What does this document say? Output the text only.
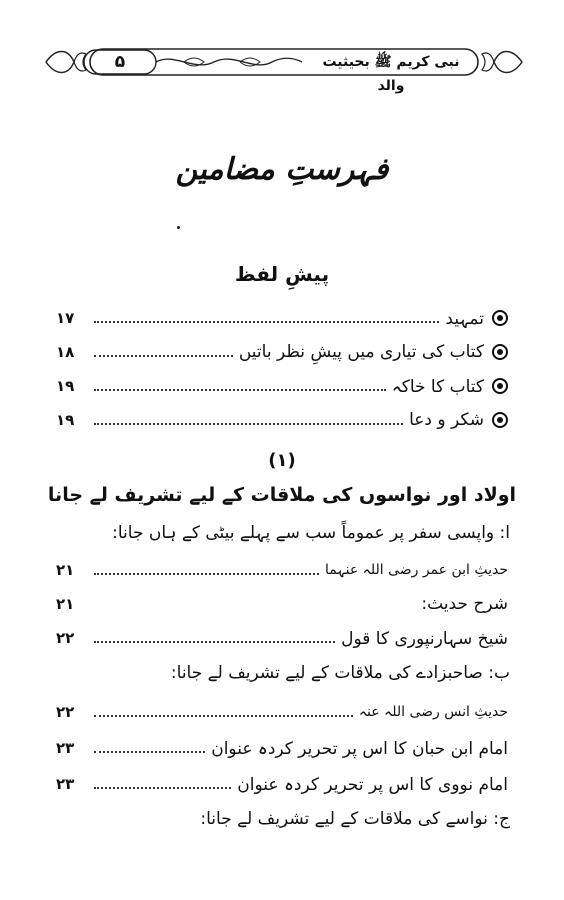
۵	نبی کریم ﷺ بحیثیت والد
فہرستِ مضامین
پیشِ لفظ
تمہید
۱۷
کتاب کی تیاری میں پیشِ نظر باتیں
۱۸
کتاب کا خاکہ
۱۹
شکر و دعا
۱۹
(۱)
اولاد اور نواسوں کی ملاقات کے لیے تشریف لے جانا
ا: واپسی سفر پر عموماً سب سے پہلے بیٹی کے ہاں جانا:
حدیثِ ابن عمر رضی اللہ عنہما
۲۱
شرح حدیث:
۲۱
شیخ سہارنپوری کا قول
۲۲
ب: صاحبزادے کی ملاقات کے لیے تشریف لے جانا:
حدیثِ انس رضی اللہ عنہ
۲۲
امام ابن حبان کا اس پر تحریر کردہ عنوان
۲۳
امام نووی کا اس پر تحریر کردہ عنوان
۲۳
ج: نواسے کی ملاقات کے لیے تشریف لے جانا:
